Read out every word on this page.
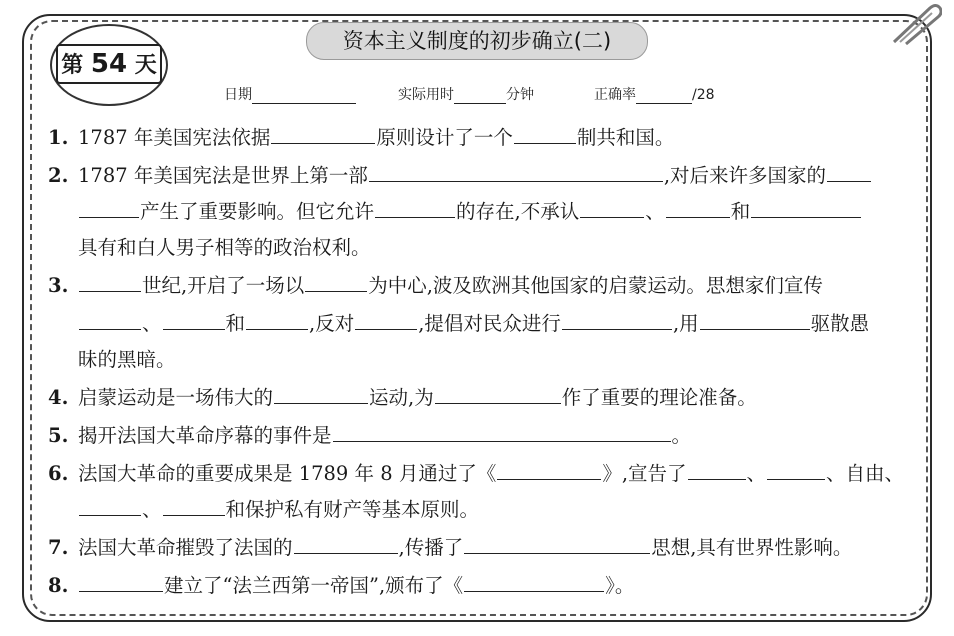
资本主义制度的初步确立(二)
第 54 天
日期	实际用时	分钟	正确率	/28
1. 1787 年美国宪法依据	原则设计了一个	制共和国。
2. 1787 年美国宪法是世界上第一部	,对后来许多国家的
产生了重要影响。但它允许	的存在,不承认	、	和
具有和白人男子相等的政治权利。
3.	世纪,开启了一场以	为中心,波及欧洲其他国家的启蒙运动。思想家们宣传
、	和	,反对	,提倡对民众进行	,用	驱散愚
昧的黑暗。
4. 启蒙运动是一场伟大的	运动,为	作了重要的理论准备。
5. 揭开法国大革命序幕的事件是	。
6. 法国大革命的重要成果是 1789 年 8 月通过了《	》,宣告了	、	、自由、
、	和保护私有财产等基本原则。
7. 法国大革命摧毁了法国的	,传播了	思想,具有世界性影响。
8.	建立了“法兰西第一帝国”,颁布了《	》。
